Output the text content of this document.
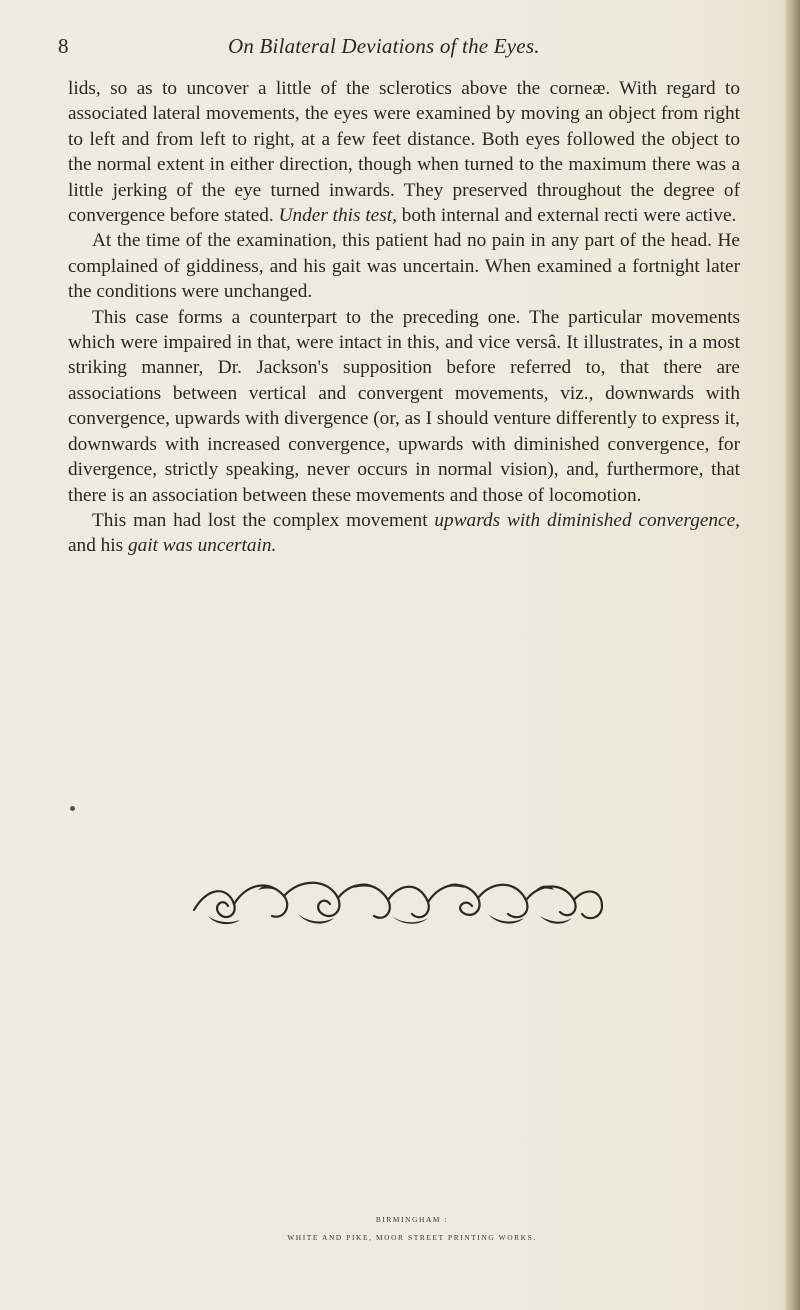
8	On Bilateral Deviations of the Eyes.

lids, so as to uncover a little of the sclerotics above the corneæ. With regard to associated lateral movements, the eyes were examined by moving an object from right to left and from left to right, at a few feet distance. Both eyes followed the object to the normal extent in either direction, though when turned to the maximum there was a little jerking of the eye turned inwards. They preserved throughout the degree of convergence before stated. Under this test, both internal and external recti were active.

At the time of the examination, this patient had no pain in any part of the head. He complained of giddiness, and his gait was uncertain. When examined a fortnight later the conditions were unchanged.

This case forms a counterpart to the preceding one. The particular movements which were impaired in that, were intact in this, and vice versâ. It illustrates, in a most striking manner, Dr. Jackson's supposition before referred to, that there are associations between vertical and convergent movements, viz., downwards with convergence, upwards with divergence (or, as I should venture differently to express it, downwards with increased convergence, upwards with diminished convergence, for divergence, strictly speaking, never occurs in normal vision), and, furthermore, that there is an association between these movements and those of locomotion.

This man had lost the complex movement upwards with diminished convergence, and his gait was uncertain.

BIRMINGHAM :
WHITE AND PIKE, MOOR STREET PRINTING WORKS.
